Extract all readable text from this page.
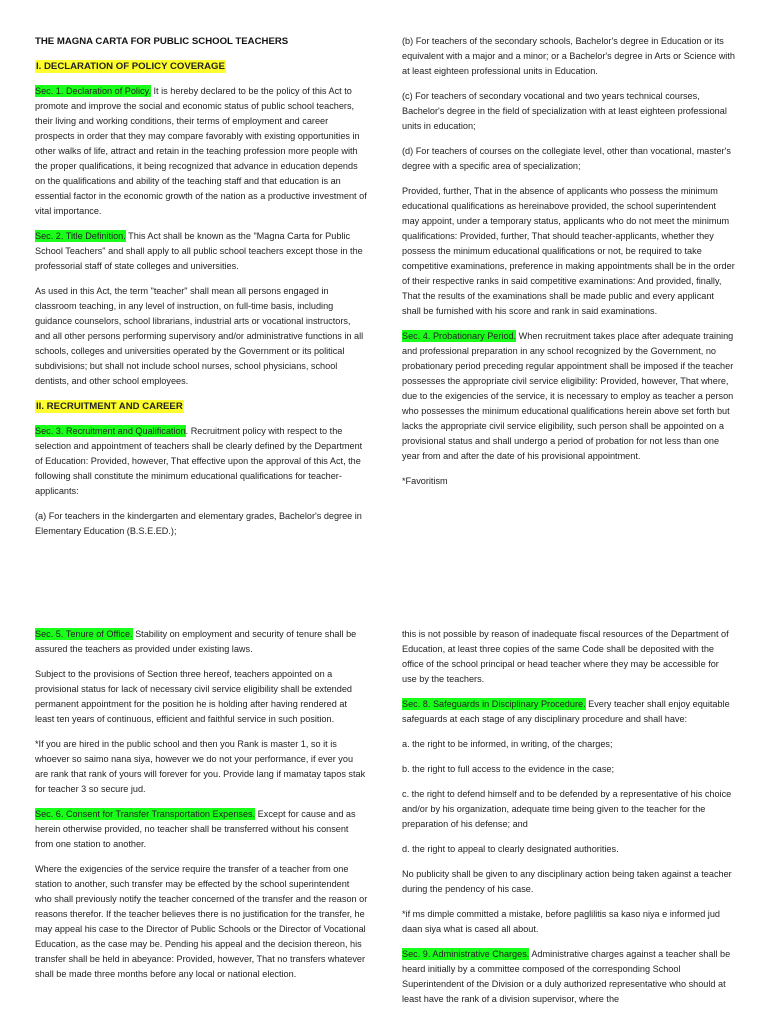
THE MAGNA CARTA FOR PUBLIC SCHOOL TEACHERS

I. DECLARATION OF POLICY COVERAGE

Sec. 1. Declaration of Policy. It is hereby declared to be the policy of this Act to promote and improve the social and economic status of public school teachers, their living and working conditions, their terms of employment and career prospects in order that they may compare favorably with existing opportunities in other walks of life, attract and retain in the teaching profession more people with the proper qualifications, it being recognized that advance in education depends on the qualifications and ability of the teaching staff and that education is an essential factor in the economic growth of the nation as a productive investment of vital importance.

Sec. 2. Title Definition. This Act shall be known as the "Magna Carta for Public School Teachers" and shall apply to all public school teachers except those in the professorial staff of state colleges and universities.

As used in this Act, the term "teacher" shall mean all persons engaged in classroom teaching, in any level of instruction, on full-time basis, including guidance counselors, school librarians, industrial arts or vocational instructors, and all other persons performing supervisory and/or administrative functions in all schools, colleges and universities operated by the Government or its political subdivisions; but shall not include school nurses, school physicians, school dentists, and other school employees.

II. RECRUITMENT AND CAREER

Sec. 3. Recruitment and Qualification. Recruitment policy with respect to the selection and appointment of teachers shall be clearly defined by the Department of Education: Provided, however, That effective upon the approval of this Act, the following shall constitute the minimum educational qualifications for teacher-applicants:

(a) For teachers in the kindergarten and elementary grades, Bachelor's degree in Elementary Education (B.S.E.ED.);

(b) For teachers of the secondary schools, Bachelor's degree in Education or its equivalent with a major and a minor; or a Bachelor's degree in Arts or Science with at least eighteen professional units in Education.

(c) For teachers of secondary vocational and two years technical courses, Bachelor's degree in the field of specialization with at least eighteen professional units in education;

(d) For teachers of courses on the collegiate level, other than vocational, master's degree with a specific area of specialization;

Provided, further, That in the absence of applicants who possess the minimum educational qualifications as hereinabove provided, the school superintendent may appoint, under a temporary status, applicants who do not meet the minimum qualifications: Provided, further, That should teacher-applicants, whether they possess the minimum educational qualifications or not, be required to take competitive examinations, preference in making appointments shall be in the order of their respective ranks in said competitive examinations: And provided, finally, That the results of the examinations shall be made public and every applicant shall be furnished with his score and rank in said examinations.

Sec. 4. Probationary Period. When recruitment takes place after adequate training and professional preparation in any school recognized by the Government, no probationary period preceding regular appointment shall be imposed if the teacher possesses the appropriate civil service eligibility: Provided, however, That where, due to the exigencies of the service, it is necessary to employ as teacher a person who possesses the minimum educational qualifications herein above set forth but lacks the appropriate civil service eligibility, such person shall be appointed on a provisional status and shall undergo a period of probation for not less than one year from and after the date of his provisional appointment.

*Favoritism

Sec. 5. Tenure of Office. Stability on employment and security of tenure shall be assured the teachers as provided under existing laws.

Subject to the provisions of Section three hereof, teachers appointed on a provisional status for lack of necessary civil service eligibility shall be extended permanent appointment for the position he is holding after having rendered at least ten years of continuous, efficient and faithful service in such position.

*If you are hired in the public school and then you Rank is master 1, so it is whoever so saimo nana siya, however we do not your performance, if ever you are rank that rank of yours will forever for you. Provide lang if mamatay tapos stak for teacher 3 so secure jud.

Sec. 6. Consent for Transfer Transportation Expenses. Except for cause and as herein otherwise provided, no teacher shall be transferred without his consent from one station to another.

Where the exigencies of the service require the transfer of a teacher from one station to another, such transfer may be effected by the school superintendent who shall previously notify the teacher concerned of the transfer and the reason or reasons therefor. If the teacher believes there is no justification for the transfer, he may appeal his case to the Director of Public Schools or the Director of Vocational Education, as the case may be. Pending his appeal and the decision thereon, his transfer shall be held in abeyance: Provided, however, That no transfers whatever shall be made three months before any local or national election.

this is not possible by reason of inadequate fiscal resources of the Department of Education, at least three copies of the same Code shall be deposited with the office of the school principal or head teacher where they may be accessible for use by the teachers.

Sec. 8. Safeguards in Disciplinary Procedure. Every teacher shall enjoy equitable safeguards at each stage of any disciplinary procedure and shall have:

a. the right to be informed, in writing, of the charges;

b. the right to full access to the evidence in the case;

c. the right to defend himself and to be defended by a representative of his choice and/or by his organization, adequate time being given to the teacher for the preparation of his defense; and

d. the right to appeal to clearly designated authorities.

No publicity shall be given to any disciplinary action being taken against a teacher during the pendency of his case.

*if ms dimple committed a mistake, before paglilitis sa kaso niya e informed jud daan siya what is cased all about.

Sec. 9. Administrative Charges. Administrative charges against a teacher shall be heard initially by a committee composed of the corresponding School Superintendent of the Division or a duly authorized representative who should at least have the rank of a division supervisor, where the
